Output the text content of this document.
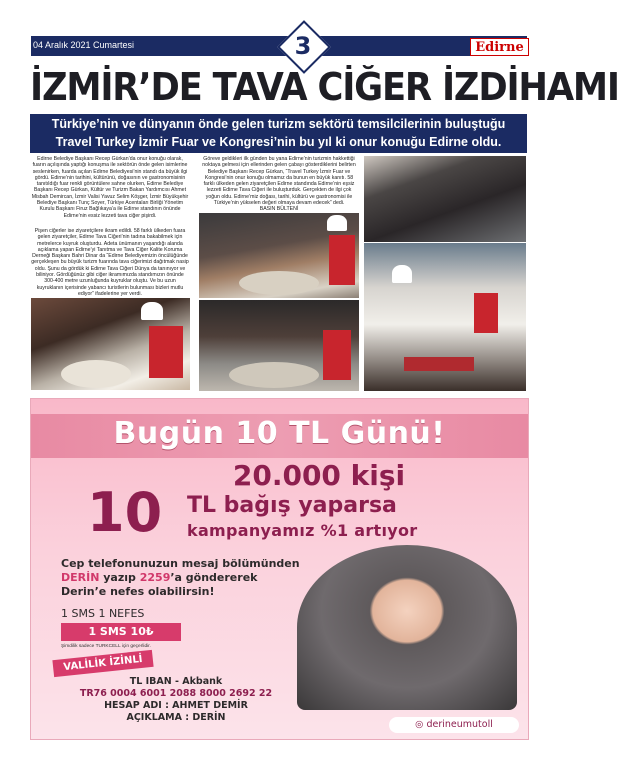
04 Aralık 2021 Cumartesi	3	Edirne
İZMİR’DE TAVA CİĞER İZDİHAMI
Türkiye’nin ve dünyanın önde gelen turizm sektörü temsilcilerinin buluştuğu
Travel Turkey İzmir Fuar ve Kongresi’nin bu yıl ki onur konuğu Edirne oldu.
Edirne Belediye Başkanı Recep Gürkan’da onur konuğu olarak, fuarın açılışında yaptığı konuşma ile sektörün önde gelen isimlerine seslenirken, fuarda açılan Edirne Belediyesi’nin standı da büyük ilgi gördü. Edirne’nin tarihini, kültürünü, doğasının ve gastronomisinin tanıtıldığı fuar renkli görüntülere sahne olurken, Edirne Belediye Başkanı Recep Gürkan, Kültür ve Turizm Bakan Yardımcısı Ahmet Misbah Demircan, İzmir Valisi Yavuz Selim Köşger, İzmir Büyükşehir Belediye Başkanı Tunç Soyer, Türkiye Acentaları Birliği Yönetim Kurulu Başkanı Firuz Bağlıkaya’a ile Edirne standının önünde Edirne’nin essiz lezzeti tava ciğer pişirdi.
Pişen ciğerler ise ziyaretçilere ikram edildi. 58 farklı ülkeden fuara gelen ziyaretçiler, Edirne Tava Ciğeri’nin tadına bakabilmek için metrelerce kuyruk oluşturdu. Adeta ünümanın yaşandığı alanda açıklama yapan Edirne’yi Tanıtma ve Tava Ciğer Kalite Koruma Derneği Başkanı Bahri Dinar da “Edirne Belediyemizin öncülüğünde gerçekleşen bu büyük turizm fuarında tava ciğerimizi dağıtmak nasip oldu. Şunu da gördük ki Edirne Tava Ciğeri Dünya da tanınıyor ve biliniyor. Gördüğünüz gibi ciğer ikramımızda standımızın önünde 300-400 metre uzunluğunda kuyruklar oluştu. Ve bu uzun kuyruklanın içerisinde yabancı turistlerin bulunması bizleri mutlu ediyor” ifadelerine yer verdi.
Göreve geldikleri ilk günden bu yana Edirne’nin turizmin hakkettiği noktaya gelmesi için ellerinden gelen çabayı gösterdiklerini belirten Belediye Başkanı Recep Gürkan, “Travel Turkey İzmir Fuar ve Kongresi’nin onur konuğu olmamız da bunun en büyük kanıtı. 58 farklı ülkeden gelen ziyaretçilen Edirne standında Edirne’nin eşsiz lezzeti Edirne Tava Ciğeri ile buluşturduk. Gerçekten de ilgi çok yoğun oldu. Edirne’miz doğası, tarihi, kültürü ve gastronomisi ile Türkiye’nin yükselen değeri olmaya devam edecek” dedi.
BASIN BÜLTENİ
Bugün 10 TL Günü!
20.000 kişi
10 TL bağış yaparsa
kampanyamız %1 artıyor
Cep telefonunuzun mesaj bölümünden
DERİN yazıp 2259’a göndererek
Derin’e nefes olabilirsin!
1 SMS 1 NEFES
1 SMS 10₺
Şimdilik sadece TURKCELL için geçerlidir.
VALİLİK İZİNLİ
TL IBAN - Akbank
TR76 0004 6001 2088 8000 2692 22
HESAP ADI : AHMET DEMİR
AÇIKLAMA : DERİN
◎ derineumutoll
